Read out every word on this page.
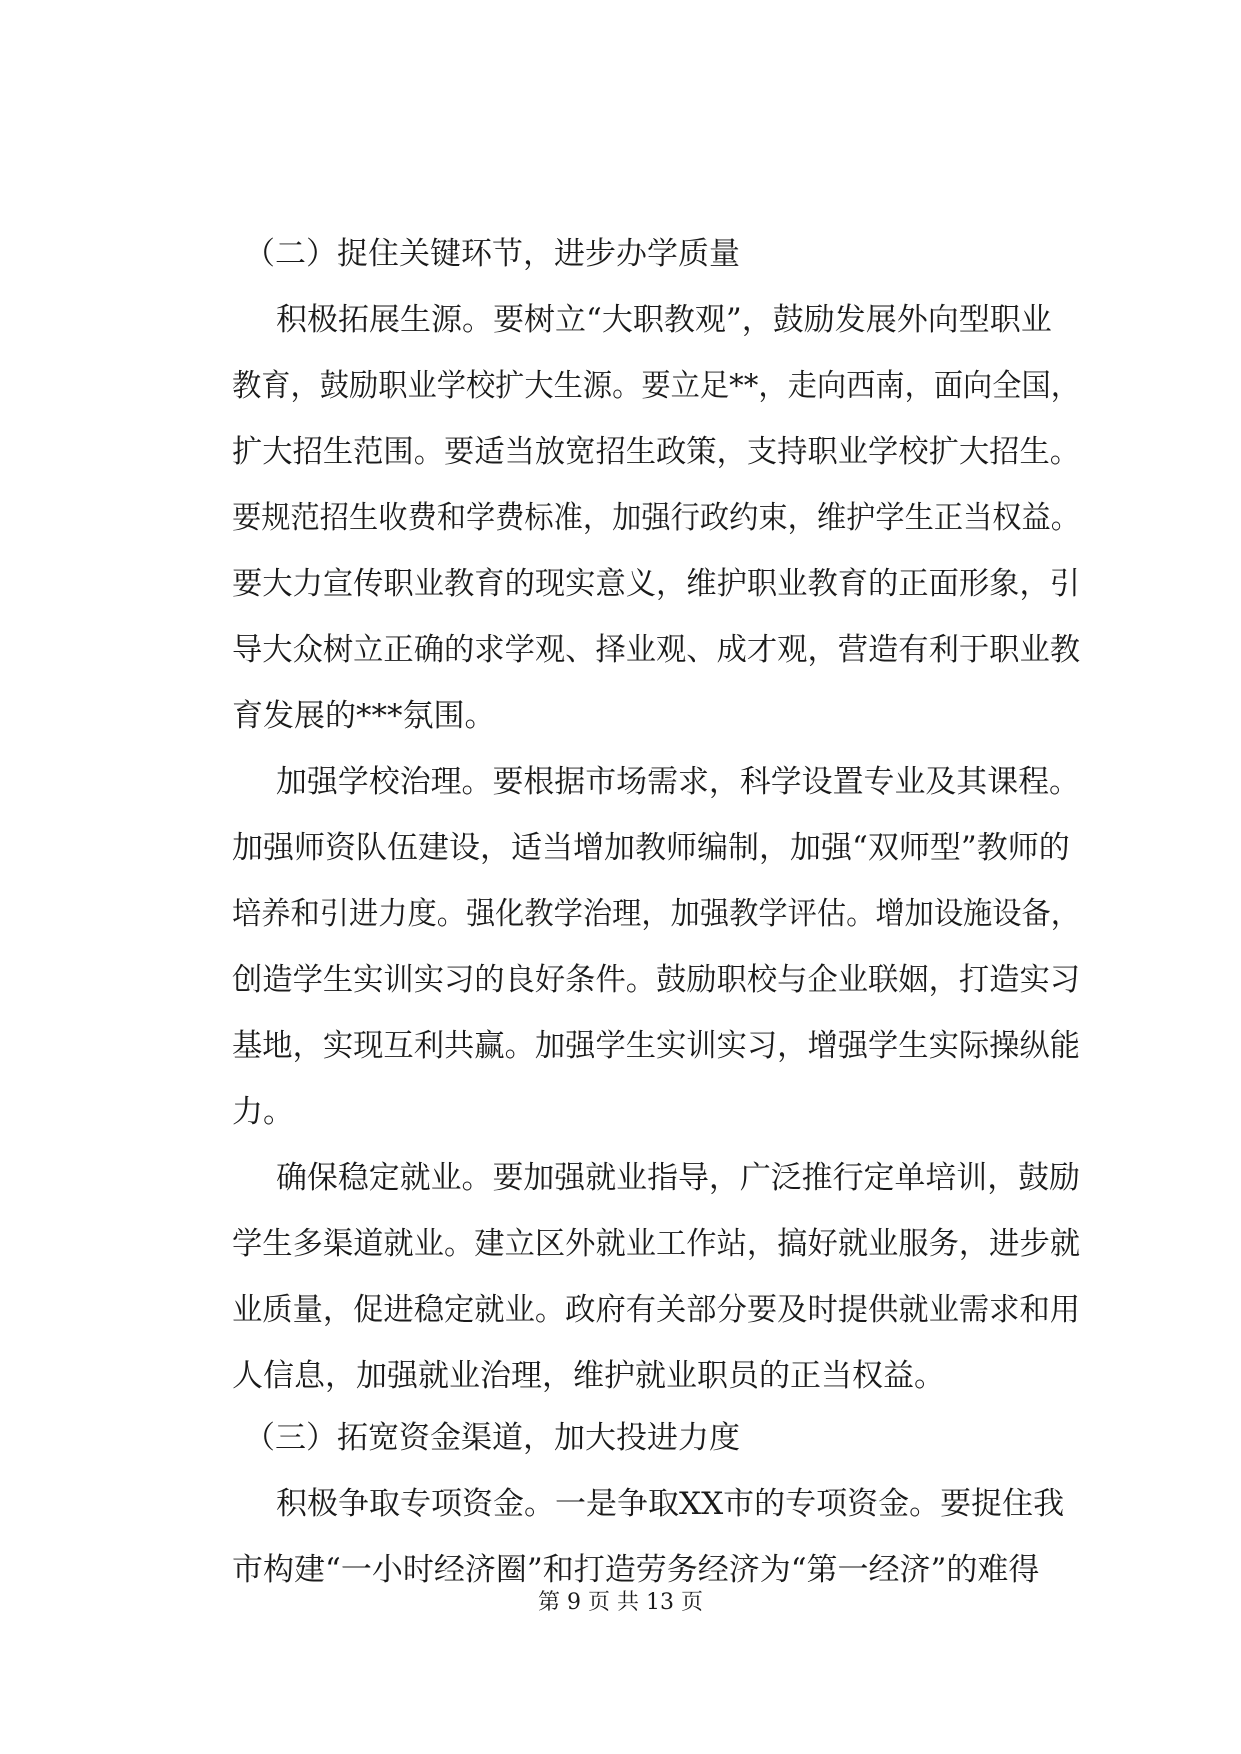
（二）捉住关键环节，进步办学质量
积极拓展生源。要树立“大职教观”，鼓励发展外向型职业
教育，鼓励职业学校扩大生源。要立足**，走向西南，面向全国，
扩大招生范围。要适当放宽招生政策，支持职业学校扩大招生。
要规范招生收费和学费标准，加强行政约束，维护学生正当权益。
要大力宣传职业教育的现实意义，维护职业教育的正面形象，引
导大众树立正确的求学观、择业观、成才观，营造有利于职业教
育发展的***氛围。
加强学校治理。要根据市场需求，科学设置专业及其课程。
加强师资队伍建设，适当增加教师编制，加强“双师型”教师的
培养和引进力度。强化教学治理，加强教学评估。增加设施设备，
创造学生实训实习的良好条件。鼓励职校与企业联姻，打造实习
基地，实现互利共赢。加强学生实训实习，增强学生实际操纵能
力。
确保稳定就业。要加强就业指导，广泛推行定单培训，鼓励
学生多渠道就业。建立区外就业工作站，搞好就业服务，进步就
业质量，促进稳定就业。政府有关部分要及时提供就业需求和用
人信息，加强就业治理，维护就业职员的正当权益。
（三）拓宽资金渠道，加大投进力度
积极争取专项资金。一是争取XX市的专项资金。要捉住我
市构建“一小时经济圈”和打造劳务经济为“第一经济”的难得
第 9 页 共 13 页
